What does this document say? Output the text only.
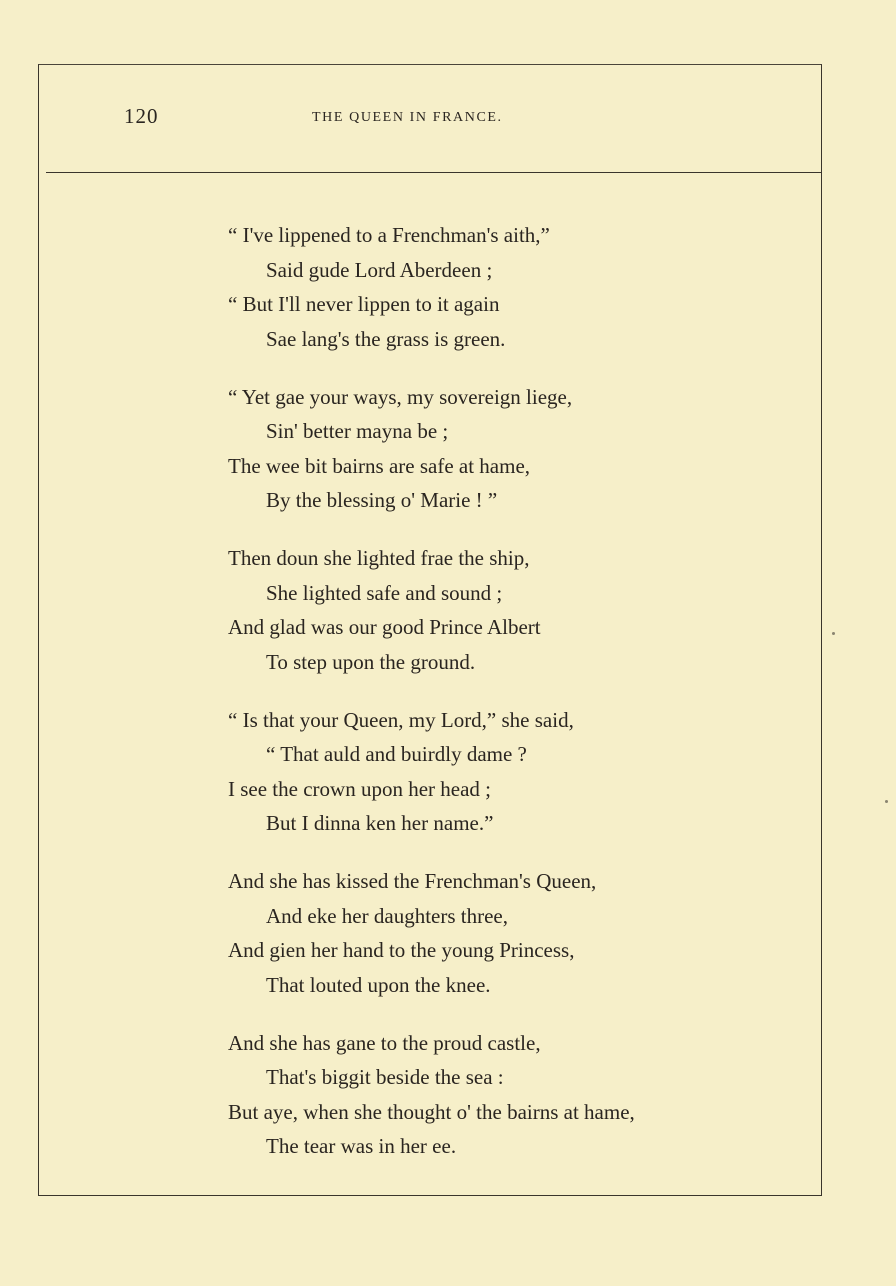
120	THE QUEEN IN FRANCE.
“ I've lippened to a Frenchman's aith,”
Said gude Lord Aberdeen ;
“ But I'll never lippen to it again
Sae lang's the grass is green.
“ Yet gae your ways, my sovereign liege,
Sin' better mayna be ;
The wee bit bairns are safe at hame,
By the blessing o' Marie ! ”
Then doun she lighted frae the ship,
She lighted safe and sound ;
And glad was our good Prince Albert
To step upon the ground.
“ Is that your Queen, my Lord,” she said,
“ That auld and buirdly dame ?
I see the crown upon her head ;
But I dinna ken her name.”
And she has kissed the Frenchman's Queen,
And eke her daughters three,
And gien her hand to the young Princess,
That louted upon the knee.
And she has gane to the proud castle,
That's biggit beside the sea :
But aye, when she thought o' the bairns at hame,
The tear was in her ee.
